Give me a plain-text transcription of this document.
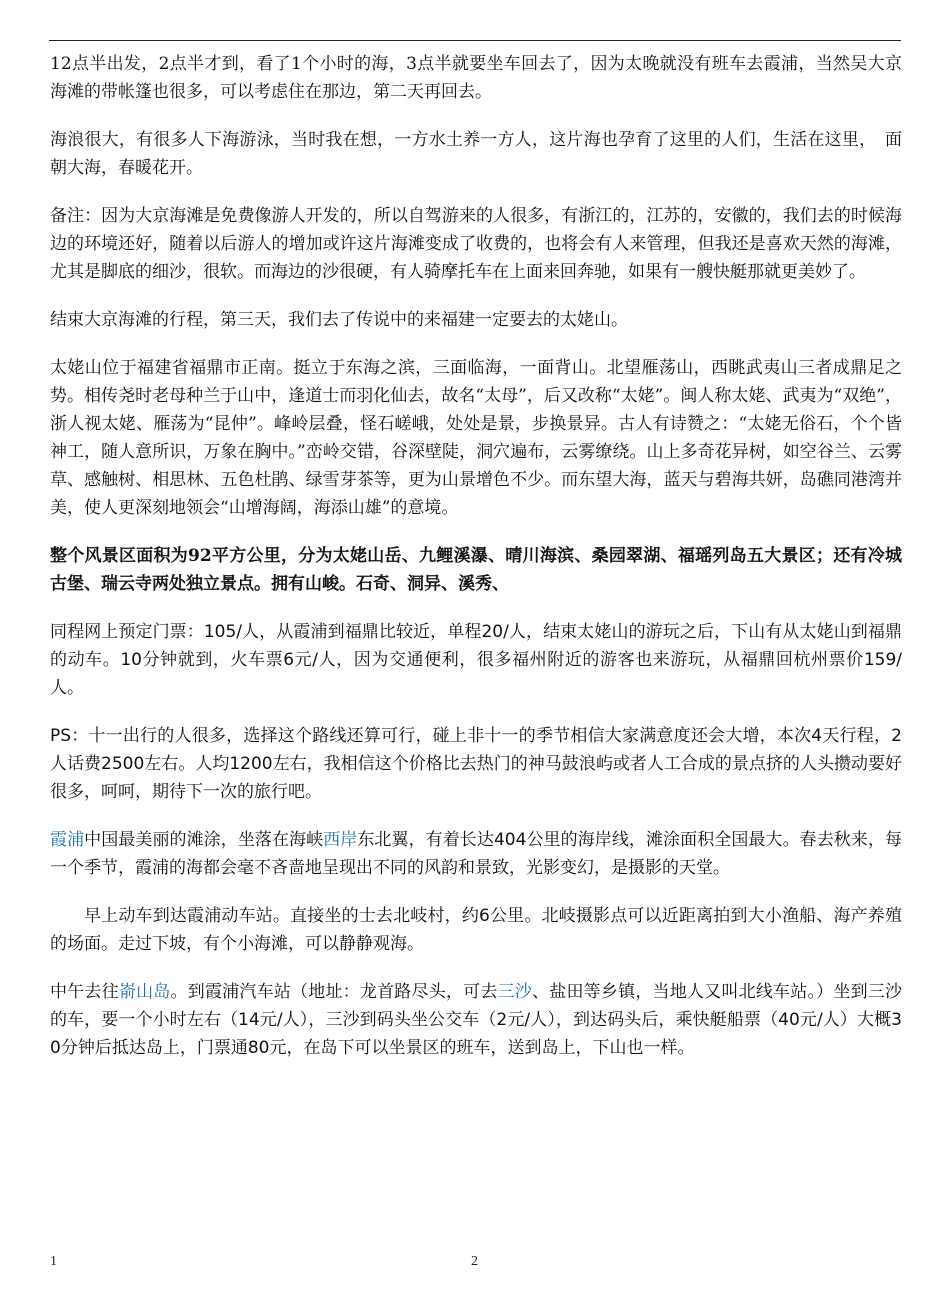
12点半出发，2点半才到，看了1个小时的海，3点半就要坐车回去了，因为太晚就没有班车去霞浦，当然吴大京海滩的带帐篷也很多，可以考虑住在那边，第二天再回去。

海浪很大，有很多人下海游泳，当时我在想，一方水土养一方人，这片海也孕育了这里的人们，生活在这里，　面朝大海，春暖花开。

备注：因为大京海滩是免费像游人开发的，所以自驾游来的人很多，有浙江的，江苏的，安徽的，我们去的时候海边的环境还好，随着以后游人的增加或许这片海滩变成了收费的，也将会有人来管理，但我还是喜欢天然的海滩，尤其是脚底的细沙，很软。而海边的沙很硬，有人骑摩托车在上面来回奔驰，如果有一艘快艇那就更美妙了。

结束大京海滩的行程，第三天，我们去了传说中的来福建一定要去的太姥山。

太姥山位于福建省福鼎市正南。挺立于东海之滨，三面临海，一面背山。北望雁荡山，西眺武夷山三者成鼎足之势。相传尧时老母种兰于山中，逢道士而羽化仙去，故名“太母”，后又改称“太姥”。闽人称太姥、武夷为“双绝”，浙人视太姥、雁荡为“昆仲”。峰岭层叠，怪石嵯峨，处处是景，步换景异。古人有诗赞之：“太姥无俗石，个个皆神工，随人意所识，万象在胸中。”峦岭交错，谷深壁陡，洞穴遍布，云雾缭绕。山上多奇花异树，如空谷兰、云雾草、感触树、相思林、五色杜鹃、绿雪芽茶等，更为山景增色不少。而东望大海，蓝天与碧海共妍，岛礁同港湾并美，使人更深刻地领会“山增海阔，海添山雄”的意境。

整个风景区面积为92平方公里，分为太姥山岳、九鲤溪瀑、晴川海滨、桑园翠湖、福瑶列岛五大景区；还有冷城古堡、瑞云寺两处独立景点。拥有山峻。石奇、洞异、溪秀、

同程网上预定门票：105/人，从霞浦到福鼎比较近，单程20/人，结束太姥山的游玩之后，下山有从太姥山到福鼎的动车。10分钟就到，火车票6元/人，因为交通便利，很多福州附近的游客也来游玩，从福鼎回杭州票价159/人。

PS：十一出行的人很多，选择这个路线还算可行，碰上非十一的季节相信大家满意度还会大增，本次4天行程，2人话费2500左右。人均1200左右，我相信这个价格比去热门的神马鼓浪屿或者人工合成的景点挤的人头攒动要好很多，呵呵，期待下一次的旅行吧。

霞浦中国最美丽的滩涂，坐落在海峡西岸东北翼，有着长达404公里的海岸线，滩涂面积全国最大。春去秋来，每一个季节，霞浦的海都会毫不吝啬地呈现出不同的风韵和景致，光影变幻，是摄影的天堂。

早上动车到达霞浦动车站。直接坐的士去北岐村，约6公里。北岐摄影点可以近距离拍到大小渔船、海产养殖的场面。走过下坡，有个小海滩，可以静静观海。

中午去往嵛山岛。到霞浦汽车站（地址：龙首路尽头，可去三沙、盐田等乡镇，当地人又叫北线车站。）坐到三沙的车，要一个小时左右（14元/人），三沙到码头坐公交车（2元/人），到达码头后，乘快艇船票（40元/人）大概30分钟后抵达岛上，门票通80元，在岛下可以坐景区的班车，送到岛上，下山也一样。

1	2
